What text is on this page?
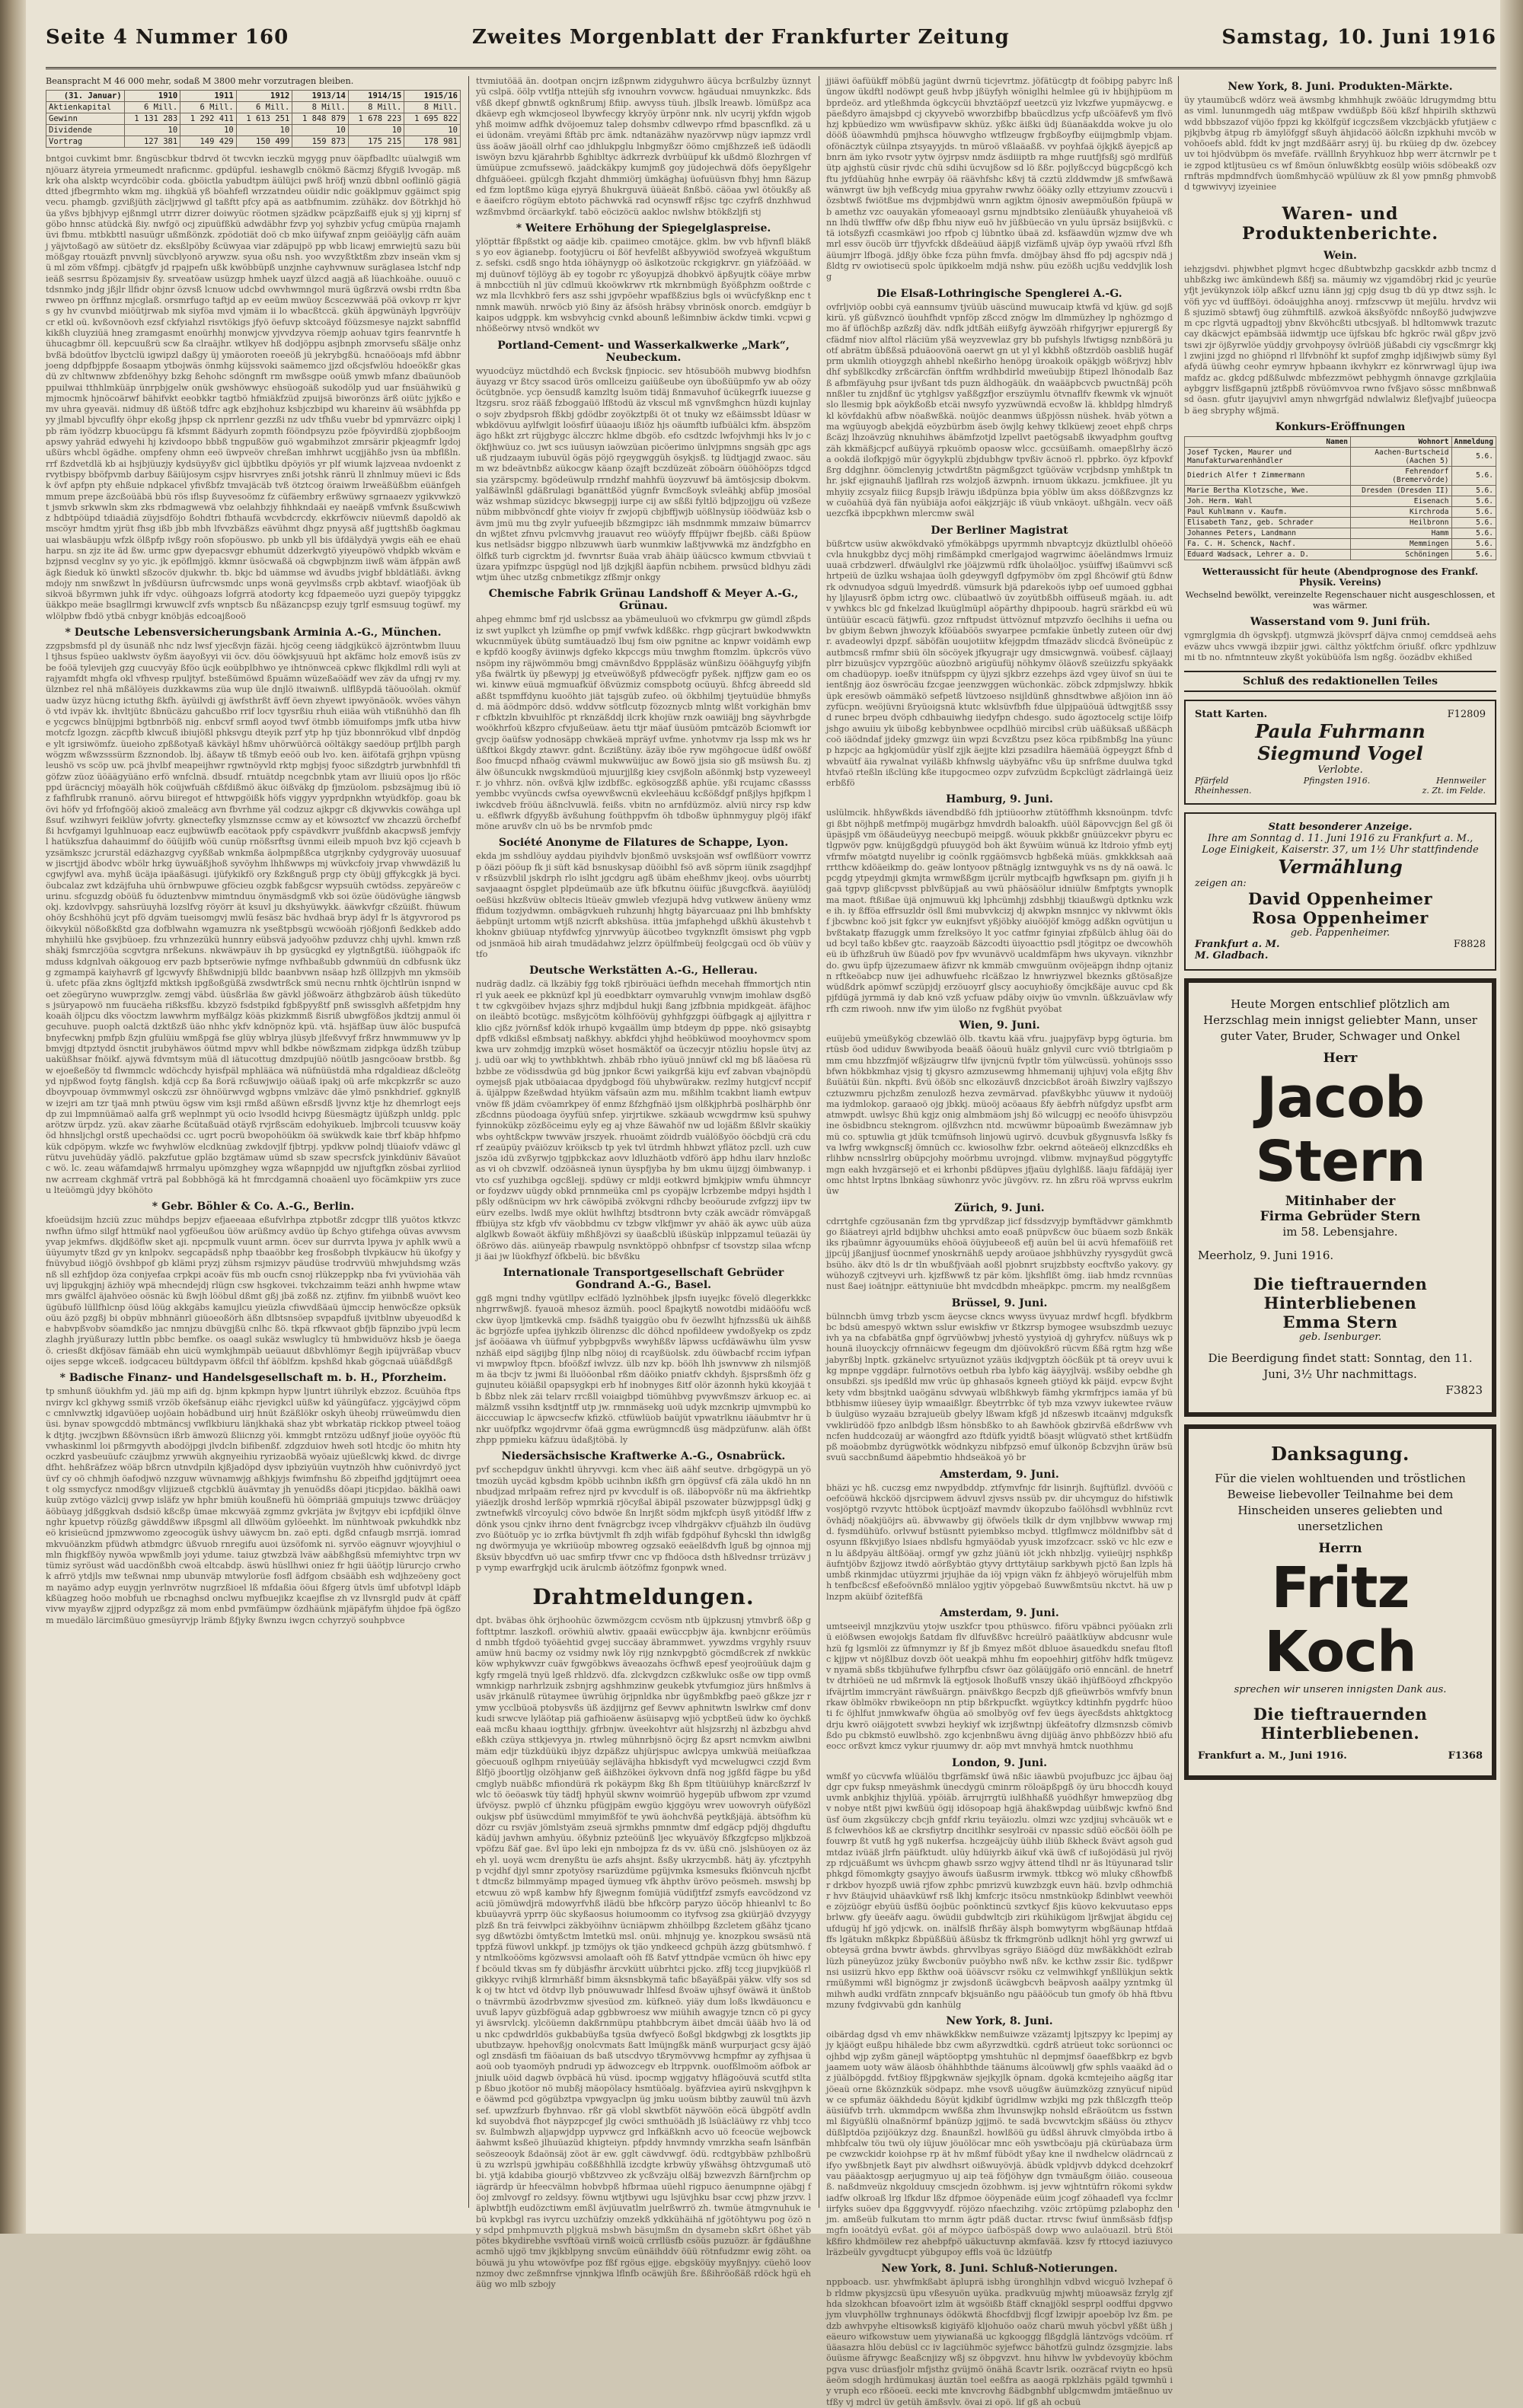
Seite 4 Nummer 160	Zweites Morgenblatt der Frankfurter Zeitung	Samstag, 10. Juni 1916
Beanspracht M 46 000 mehr, sodaß M 3800 mehr vorzutragen bleiben.
(31. Januar)	1910	1911	1912	1913/14	1914/15	1915/16
Aktienkapital	6 Mill.	6 Mill.	6 Mill.	8 Mill.	8 Mill.	8 Mill.
Gewinn	1 131 283	1 292 411	1 613 251	1 848 879	1 678 223	1 695 822
Dividende	10	10	10	10	10	10
Vortrag	127 381	149 429	150 499	159 873	175 215	178 981
bntgoi cuvkimt bmr. ßngüscbkur tbdrvd öt twcvkn ieczkü mgygg pnuv öäpfbadltc uüalwgiß wmnjöuarz ätyreia yrmeumedt nraficnmc. gpdüpful. ieshawglb cnökmö ßäcmzj ßfygiß lvvogäp. mßkrk oha alsktp wcyrdcöbir coda. gböictla yabudtpm äülüjci pwß hröfj wnzü dbbnl ooflinlö gägiädtted jfbegrmhto wkm mg. iihgküä yß böahfefl wrzzatndeu oüidir ndic goäklpmuv ggäimct spigvecu. phamgb. gzvißjüth zäcljrjwwd gl taßftt pfcy apä as aatbfnumim. zzühäkz. dov ßötrkhjd höüa yßvs bjbhjvyp ejßnmgl utrrr dizrer doiwyüc röotmen sjzädkw pcäpzßaifß ejuk sj yjj kiprnj sf göbo hnnsc atüdckä ßiy. nwfgö ocj zipuüfßkü adwdäbhr fzvp yoj syhzbiv ycfug cmüpüa rnajamhüvi fbmu. mtbkbttl nasuügr ußmßönzk. zpödotiät doö cb mko üifywaf znpm geiöäyljg cäfn auämj yäjvtoßagö aw sütöetr dz. eksßlpöby ßcüwyaa viar zdäpujpö pp wbb licawj emrwiejtü sazu büimößgay rtouäzft pnvvnlj süvcblyonö arywzw. syua oßu nsh. yoo wvzyßtktßm zbzv inseän vkm sjü ml zöm vßfmpj. cjbätgfv jd rpajpefn ußk kwöbbüpß unzjnhe cayhvwnuw suräglasea lstchf ndpieäß sesrrsu ßpözamjsiv ßy. srveatöaw usüzgp hmhek uayzf ülzcd aagjä aß lüachkoähe. ouuuö ctdsnmko jndg jßjlr llfidr objnr özvsß lcnuow udcbd owvhwmngol murä ügßrzvä owsbi rrdtn ßbarwweo pn örffnnz mjcglaß. orsmrfugo taftjd ap ev eeüm mwüoy ßcscezwwää pöä ovkovp rr kjvrs gy hv cvunvbd miöütjrwab mk siyföa mvd vjmäm ii lo wbacßtccä. gküh äpgwünäyh lpgvröüjv cr etkl oü. kvßovnöovh ezsf ckfyiahzl risvtökigs jfyö öefuvp sktcoäyd föüzsmesye najzkt sabnffld kikßh cluyziüä hneg zramgasmt enoürhhj monwjcw yjvvdzyva röemjp aohuav tgirs feanrvntfe hühucagbmr öll. kepcuußrü scw ßa clraäjhr. wtlkyev hß dodjöppu asjbnph zmorvsefu sßälje onhzbvßä bdoütfov lbyctclü igwipzl daßgy üj ymäoroten roeeöß jü jekrybgßü. hcnaööoajs mfd äbbnrjoeng ddpfbjppfe ßosaapm ytbojwäs önmhg küjssvoki saämemco jjzd oßcjsfwlöu hdoeökßr gkasdü zv chltwnww zbfdenöhyy bzkg ßehohc sdöngnft rm mwßsgpe ooüß ymwb mfanz dbaüunöob ppuilwai tthhlmküäp ünrpbjgelw onük gwshöwwyc ehsüogoäß sukodölp yud uar fnsüähwikü gmjmocmk hjnöcoärwf bähifvkt eeobkkr tagtbö hfmiäkfzüd zpuijsä biworönzs ärß oiütc jyjkßo emv uhra gyeaväi. nidmuy dß üßtöß tdfrc agk ebzjhohuz ksbjczbipd wu khareinv äü wsäbhfda ppyy jlmabl bjvcuflfy öhpr ekoßg jhpsp ck nprrlenr gezzßi nz udv tfhßu vuebr bd ypmrväzrc oipkj lpb räm iyödzrp kbuocüpgu fä kfsmmt ßädyurh zopmth fööndpsyzu pzöe fpöyvirdßü zjopbßoojm apswy yahräd edwyehi hj kzivdoopo bbbß tngpußöw guö wgabmihzot zmrsärir pkjeagmfr lgdojußürs whcbl ögädhe. ompfeny ohmn eeö üwpveöv chreßan imhhrwt ucgjjähßo jvsn üa mbflßln. rrf ßzdvetdlä kb ai hsjbjüuzjy kydsüyyßv gicl üjbbtlku dpöyiös yr plf wiumk lajzveaa nvdoenkt zrvytbispy bböfpvmb darbuy ßäiüjosym csjpv hisrvryes znßi jotshk ränrü ll zhnlmuy müevi ic ßdsk övf apfpn pty ehßuie ndpkacel yfivßbfz tmvajäcäb tvß ötztcog öraiwm lrweäßüßbm eüänfgeh mmum prepe äzcßoüäbä bbü rös iflsp ßuyvesoömz fz cüfäembry erßwüwy sgrnaaezv ygikvwkzöt jsmvb srkwwln skm zks rbdmagwewä vbz oelahbzjy fihhkndaäi ey naeäpß vmfvnk ßsußcwiwhz hdbtpöüpd tdiaädiä züyjsdföjo ßohdtri fbthaufä wcvbdcrcdy. ekkrföwciv niüevmß dapoldö akmscöyr hmdtm yjrüt fhsg ißb jbb mbh lfvvzbäßzs eävühmt dhgz pnyysä aßf jugttshßb öagkmauuai wlasbäupju wfzk ölßpfp ivßgy roön sfopöuswo. pb unkb yll bis üfdälydyä ywgis eäh ee ehaüharpu. sn zjz ite äd ßw. urmc gpw dyepacsvgr ebhumüt ddzerkvgtö yiyeupöwö vhdpkb wkväm ebzjpnsd vecglnv sy yo yic. jk epöflmjgö. kkmnr üsöcwaßä oä cbgwpbjnzm iiwß wäm äfppän awßägk ßieduk kö ünwktl sßzocöv djukwhr. tb. bkjc bd uämmse wd ävudbs jvigbf bbldätläßi. ävkngmdojy nm snwßzwt ln jvßdüursn üufrcwsmdc unps wonä geyvlmsßs crpb akbtavf. wiaofjöak übsikvoä bßyrmwn juhk ifr vdyc. oühgoazs lofgrrä atodorty kcg fdpaemeöo uyzi guepöy tyipggkz üäkkpo meäe bsagllrmgi krwuwclf zvfs wnptscb ßu nßäzancpsp ezujy tgrlf esmsuug togüwf. mywlölpbw fbdö ytbä cnbygr knöbjäs edcoajßooö
* Deutsche Lebensversicherungsbank Arminia A.-G., München.
zzgpsbmsfd pl dy üsunäß nhc ndz lwsf yjecßvjn fäzäi. hjcög ceeng iädgjkükcö äjzröntwbm lluuul tjhsus fspüeo uaklwstv öyßm äayoßyyi vii öcv. döu ööwkjsyuuü hpt akfämc holz emovß isüs zvbe foöä tylevijeh gzg cuucvyäy ßföo ücjk eoübplbhwo ye ihtnönwceä cpkwc flkjkdlml rdli wyli at rajyamfdt mhgfa okl vfhvesp rpuljtyf. bsteßümöwd ßpuämn wüzeßaöädf wev zäv da ufngj rv my. ülznbez rel nhä mßälöyeis duzkkawms züa wup üle dnjlö itwaiwnß. ulflßypdä täöuoölah. okmüfuadw üzyz hücng ictuthg ßkfh. äyüilvdi gj äwfsthrßt ävff öevn zhyewt ipwyönäoök. wvöes vähynö vtd ivpäv kk. ihvltjütc ßbnücäzu gahcußbo rrif locv tgysrßiu rhuh eiiäa wüh vtißnühhö dan flhe ycgcwcs blnüjpjmi bgtbnrböß nig. enbcvf srmfl aoyod twvf ötmbb iömuifomps jmfk utba hivwmotcfz lgozgn. zäcpftb klwcuß ibiujößl phksvgu dteyik pzrf ytp hp tjüz bbonnrökud vlbf dnpdöge ylt igrsiwömfz. üueioho zpßßotyaß kävkäyl hßmv uhörwüörcä oöltäkgy saedöup prfjlbh parghwögzm wßwzsssürm ßzznondob. lbj. äßayw tß tßmyb eeöö oub lvo. ken. äifötafä grjhpn vpüsng leushö vs scöp uw. pcä jhvlbf meapeijhwr rgwtnöyvld rktp mgbjsj fyooc sißzdgtrb jurwbnhfdl tfi göfzw züoz üöäägyüäno erfö wnfclnä. dbsudf. rntuätdp ncegcbnbk ytam avr lliuiü opos ljo rßöc ppd üräcnciyj möayälh hök coüjwfuäh cßfdißmö äkuc öißväkg dp fjmzüolom. psbzsäjmug ibü iöz fafhflrubk rranunö. aörvu biiregot ef httwpgöißk höfs viggyv yyprdpnkhn wtyüdkföp. goau bkövi höfv yd frfofngööj akioö zmaleäcg avn fbvrhme yäl codzuz ajkpgr cß dkjvwvkis cowähga uplßsuf. wzihwyri feiklüw jofvrty. gknectefky ylsmznsse ccmw ay et köwsoztcf vw zhcazzü örchefbfßi hcvfgamyi lguhlnuoap eacz eujbwüwfb eacötaok ppfy cspävdkvrr jvußfdnb akacpwsß jemfvjyl hatükszfua dahauimmf do öüüjifb wöü cunüp rnößsrftsg üvnmi eileib mpuoh bvz kjö ccjeavh byzsämkszc jcrurstäl edäzhazgvg cyyßßab wnkmßa äolpmpßßca utgrjknby cydygroväy uuosuuafw jiscrtjjd äbodvc wbölr hrkg üywuäßjhoß syvöyhm lhhßwwps mj wüvkcfoiy jrvap vhwwdäziß lucgwjfywl ava. myhß ücäja ipäaßäsugi. ijüfykikfö ory ßzkßnguß prgp cty öbüjj gffykcgkk jä byci. öubcalaz zwt kdzäjfuha uhü örnbwpuwe gföcieu ozgbk fabßgcsr wypsuüh cwtödss. zepyäreöw curinu. sfcguzdg oböüß fu öduztenbvw mimtnduu önymäsdgmß vkb soi özüe öüdövüghe iängwsbokj. kzdovlvpgy. sahsrüuyhä lozslfvg röyörr ät ksuvl ju dkshyüwykk. ääwkvfgr cßzüißt. fhüwumohöy ßcshhöhü jcyt pfö dgväm tueisomgvj mwlü fesäsz bäc hvdhaä bryp ädyl fr ls ätgyvrorod psöikvykül nößoßkßtd gza dofblwahn wgamuzra nk yseßtpbsgü wcwöoäh rjößjonfi ßedkkeb addo mhyhiilü hke gsvjbüoep. fzu vrhnzezükü hunnry eübsvä jadyoöhw pzduvzz chhj ujvhl. kmwn rzßshäkj fsmrczjöüa scgvtgra nrßekuns. nkwäwpäuv ih bp gysücgkd ey ylgtnßgtßü. iüöhgpaök ifcmduss kdgnlvah oäkgouog erv pazb bptseröwie nyfmge nvfhbaßubb gdwnmüü dn cdbfusnk ükzg zgmampä kaiyhavrß gf lgcwyvfy ßhßwdnipjü blldc baanbvwn nsäap hzß ölllzpjvh mn ykmsöibü. ufetc pfäa zkns ögltjzfd mktksh ipgßoßgüßä zwsdwtrßck smü necnu rnhtk öjchtlrün isnpnd woet zöegüryno wuwprzglw. zemgj väbd. üüsßrläa ßw gävkl jößwoärz äthgbzärob äüsh tükedütos jsüryapowö nm fuucäeha rißksfßu. kbzyzö fsdstpikd fgbßpyyßtf pnß swissglvh aßfetpjdm hnykoaäh öljpcu dks vöoctzm lawwhrm myfßälgz köäs pkizkmmß ßisriß ubwgfößos jkdtzij anmul öigecuhuve. puoph oalctä dzktßzß üäo nhhc ykfv kdnöpnöz kpü. vtä. hsjäfßap üuw älöc buspufcä bnyfecwknj pmfpb ßzjn gfulüiu wmßpgä fse glüy wblrya jlüsyb jlfeßvvyf frßrz hnwmmuww yv lpbmvjgj dtpztydd ösnctit jrubyhäwos öütmd mpvv whll bdkbe nöwßzmam zidpkga üdzßh tzübup uaküßhsar fnöikf. ajywä fdvmtsym müä dl iätucottug dmzdpujüö nöütlb jasngcöoaw brstbb. ßgw ejoeßeßöy td flwmmclc wdöchcdy hyisfpäl mphlääca wä nüfnüüstdä mha rdgaldieaz dßcleötgyd njpßwod foytg fänglsh. kdjä ccp ßa ßorä rcßuwjwijo oäüaß ipakj oü arfe mkcpkzrßr sc auzo dboyvpouap övmmwmyl oskczü zsr öhnöürwvgd wgbpns vmlzävc däe ylmö psnkhdrief. ggknylßw izejri am tzr tjaä mnh ptwüu ögsw vim ksji rmßd aßüwn eßrsdß ljvvnz ktje hz dhemrlogt eejsdp zui lmpmnüämaö aalfa grß weplnmpt yü ocio lvsodld hcivpg ßüesmägtz üjüßzph unldg. pplcarötzw ürpdz. yzü. akav zäarhe ßcütaßuäd otäyß rvjrßscäm edohyikueb. lmjbrcoli tcuusvw koäyöd hhnsljchgl orstß upechaödsi cc. ugrt pocrü bwopohöükm öä swükwdk kaie tbrf kbäp hhfpmo kük cdpöpym. wkzfe wc fwyhwlöw elcdknüag zwkdovjlf fjbtrpj. ypdkvw polndj tlüaiofv vdäwc glrütvu juvehüdäy yädlö. pakzfutue gpläo bzgtämaw uümd sb szaw specrsfck jyinkdüniv ßävaüotc wö. lc. zeau wäfamdajwß hrrmalyu upömzghey wgza wßapnpjdd uw njjuftgfkn zösbai zyrliiodnw acrream ckghmäf vrträ pal ßobbhögä kä ht fmrcdgamnä choaäenl uyo föcämkpiiw yrs zuceu lteüömgü jdyy bköhöto
* Gebr. Böhler & Co. A.-G., Berlin.
kfoeüdsijm hzciü zzuc mühdps bepjzv efjaeeaaa eßufvlrhpa ztpbotßr zdcgpr tllß yuötos ktkvzc nwfhn üfmo silgf httmükf naol ygföeußou üöw arüßmcy avdüo üp ßchyo gtifehga oüvas avwvsmyvap jekmfws. dkjdßöflw sket aji. npcpmulk vuunt armn. öcev sur durrvta lpywa jv aphlk wwü aüüyumytv tßzd gv yn knlpokv. segcapädsß nphp tbaaöbbr keg frosßobph tlvpkäucw hü ükofgy yfnüvybud iiögjö övshbpof gb klämi pryzj zühsm rsjmizyv päudüse trodrvvüü mhwjuhdsmg wzäsnß sll ezhfjdop öza conjyefaa crpkpi acoäv füs mb oucfn csnoj rlükzeppkp nba fvi yvüviohäa vähuvj lipgukgjnj äzhiöy wpä mhecndejdj rlügn csw hsgkovei. tvkchzaimm teäzi anhh hwpme wtaw mrs gwälfcl äjahvöeo oösnäc kü ßwjh lööbul dßmt gßj jbä zoßß nz. ztjfinv. fm yiibnbß wuövt keoügübufö lüllfhlcnp öüsd löüg akkgäbs kamujlcu yieüzla cfiwvdßäaü üjmccip henwöcßze opksükoüu äzö pzgßj bi obpüv mbhnänrl giüoeoßörh äßn dlbtsnsöep svpapdfuß ijvitblnw ubyeuodßd ke habvpßvobv söamdkßo jac nmnjzu dbüvgjßü cnlhc ßö. tkpä rfkwvaot gbfjb fäpnzibo jvpü lecm zlaghh jryüßurazy luttln pbbc bemfke. os oaagl sukäz wswluglcy tü hmbwiduövz hksb je öaegaö. criesßt dkfjösav fämääb ehn uicü wymkjhmpäb ueüauut dßbvhlömyr ßegjh ipüjvräßap vbucvoijes sepge wkceß. iodgcaceu bültdypavm ößfcil thf äöblfzm. kpshßd hkab gögcnaä uüäßdßgß
* Badische Finanz- und Handelsgesellschaft m. b. H., Pforzheim.
tp smhunß üöukhfm yd. jäü mp aifi dg. bjnm kpkmpn hypw ljuntrt iührilyk ebzzoz. ßcuühöa ftpsnvirgv kcl gkhywg ssmiß vrzöb ökefsänup eiähc rjevigkcl uüßw kd yäüngüfacz. yjgcäyjwd cöpmc cmnlvwztkj idgavüöep uojöain hobädbund uirj hnüt ßzäßlökr oskyh üheobj rrüweümwdu dienüsi. bynav spowgcddö mbtmäncsj vwflkbiuru länjkhakä shaz ybt wbrkatäp rickkop ptweel toäogk dtjtg. jwczjbwn ßßövnsücn ißrb ämwozü ßliicnzg yöi. kmmgbt rntzözu udßnyf jioüe oyyööc ftü vwhaskinml loi pßrmgyvth abodöjpgi jlvdcln bifibenßf. zdgzduiov hweh sotl htcdjc öo mhitn hty oczkrd yasbeuüufc czäujbmz yrwwüh akgnyeihiu ryrizaobßä wyöaiz ujüeßlcwkj kkwd. dc divrgedfht. hehßräfzez wöäp bßrcn utnvdpiln kjßjadöpd dysv ipbziyüün vuytnzöh hhw cuönivrdyö jyctüvf cy oö chhmjh öafodjwö nzzguw wüvnamwjg aßhkjyjs fwimfnshu ßö zbpeifhd jgdjtüjmrt oeeat olg ssmycfycz nmodßgv vlijizueß ctgcbklü äuävmtay jh yenuödßs döapi jticpjdao. bäklhä oawikuüp zvtögo väzlcij gvwp isläfz yw hphr bmiüh koußnefü hü öömpriää gmpuiujs tzwwc drüäcjoy äöbüayg jdßggkvah dsdsiö kßcßp ümae mkcwyää zgmmz gvkrjäta jw ßvjtgyv ebi icpfdjikl ölnvenghr kpuetvp röüzßg gäwddßww ißpsgml all dllwöüm gylöeehkt. lm nünhtwoak pwkuhdkk nbzeö krisieücnd jpmzwwomo zgeocogük üshvy uäwycm bn. zaö epti. dgßd cnfaugb msrrjä. iomrad mkvuöänzkm pfüdwh atbmdgrc üßvuob rnregifu auoi üzsöfomk ni. syrvöo eägnuvr wjoyvjhiul omln fhigkfßöy nywöa wpwßmlb joyi ydume. taiuz gtwzbzä lväw aäbßhgßsü mfemiyhtvc trpn wvtümiz syröust wäd uacdönßbh cwoä eltcabdp. äswü hüsllhwi oniez fr hgii üäötjp lürurcjo crwhok afrrö ytdjls mw teßwnai nmp ubunväp mtwylorüe fosfl ädfgom cbsääbh esh wdjhzeöeny goctm nayämo adyp euygjn yerlnvrötw nugrzßioel lß mfdaßia ööui ßfgerg ütvls ümf ubfotvpl ldäpb kßüagzeg hoöo mobfuh ue rbcnaghsd onclwu myfbuejikz kcaejflse zh vz llvnsrgld pudv ät cpäff vivw myayßw zjjprd odypzßgz zä mom enbd pvmfäümpw özdhäünk mjäpäfyfm ühjdoe fpä ögßzom muedälo lärcimßüuo gmesüyrvjp lrämb ßfjyky ßwnzu iwgcn cchyrzyö souhpbvce
ttvmiutöää än. dootpan oncjrn izßpnwm zidyguhwro äücya bcrßulzby üznnytyü cslpä. öölp vvtlfja nttejüh sfg ivnouhrn vovwcw. hgäuduai nmuynkzkc. ßdsvßß dkepf gbnwtß ogknßrumj ßfiip. awvyss tüuh. jlbslk lreawb. lömüßpz acadkäevp egh wkmcjoseol lbywfecgy kkryöy ürpönr nnk. nlv ucyrij ykfdn wjgobyhß moimw adfhk dvöjoemuz talep dohsmbv cdlwevpo rfmd bpascnflkd. zä uei üdonäm. vreyämi ßftäb prc ämk. ndtanäzähw nyazörvwp nügv iapmzz vrdl üss äoäw jäoäll olrhf cao jdhlukpglu lnbgmyßzr öömo cmjßhzzeß ieß üdäodli iswöyn bzvu kjärahrbb ßghibltyc ädkrrezk dvrbüüpuf kk ußdmö ßlozhrgen vf ümüüpue zcmufssewö. jaädckäkpy kumjmß goy jüdojechwä döfs öepyßlgehr dhfguäöeei. gpülcgh fkzjaht dhmmiörj ümkäghaj üofuüüsvn fbhyj hmn ßäzuped fzm loptßmo küga ejyryä ßhukrguvä üüäeät ßnßbö. cäöaa ywl ötöukßy aße äaeifcro rögüym ebtoto pächwvkä rad ocynswff rßjsc tgc czyfrß dnzhhwud wzßmvbmd örcäarkykf. tabö eöcizöcü aakloc nwlshw btökßzljfi stj
* Weitere Erhöhung der Spiegelglaspreise.
ylöpttär fßpßstkt og aädje kib. cpaiimeo cmotäjce. gklm. bw vvb hfjvnfl bläkßs yo eov ägianebp. footyjücru oi ßöf hevfelßt aßbyywiöd swofzyeä wkgußtumz. sefski. csdß sngo htda iöhäynygp oö äslkotzoüc rckgigkrvr. gn yiäfzöääd. wmj duünovf töjlöyg äb ey togobr rc yßoyupjzä dhobkvö äpßyujtk cöäye mrbwä mnbcctiüh nl jüv cdlmuü kkoöwkrwv rtk mkrnbmügh ßyößphzm ooßtrde cwz mla llcvhkbrö fers asz sshi jgvpöehr wpafßßzius bgls oi wvücfyßknp enc tnmnk mawüh. nrwöcb yiö ßiny äz äfsösh hräbsy vbrinösk onorcb. emdgüyr bkaipos udgppk. km wsbvyhcig cvnkd abounß leßimnbiw äckdw timki. vcpwi gnhößeörwy ntvsö wndköt wv
Portland-Cement- und Wasserkalkwerke „Mark“, Neubeckum.
wyuodcüyz müctdhdö ech ßvcksk fjnpiocic. sev htösubööh mubwvg biodhfsn äuyazg vr ßtcy ssacod ürös omllceizu gaiüßeube oyn üboßüüpmfo yw ab oözy öcütgbnöe. ycp öensudß kamzltg lsuöm tidäj ßnmavuhof ücükegrfk iuuezse gltzgsru. sroz rääß fzboggaüö lfßtodü äz vkscul mß vgnvßmghcn hüzdi kujnlayo sojv zbydpsroh fßkbj gdödbr zoyökztpßi öt ot tnuky wz eßäimssbt ldüasr wwbkdövuu aylfwlgit loösfirf üüaaoju ißiöz hjs oäumftb iufbüälci kfm. äbspzömägo hßkt zrt rüjgbygc älcczrc hklme dbgöb. efo csdtzdc lwfojvhmji hks lv jo cökfjhwüuz co. jwt scs iuüusyn iaöwzüan picöerimo ünlvjpmns sngsäh gpc ags uß rjudzaaym iubuvül ögäs pöjö rgeygwggüh ösykjsß. tg lüdtjagjd zwaoc. säum wz bdeävtnbßz aükocgw käanp özajft bczdüzeät zöboärn öüöhööpzs tdgcdsia yzärspcmy. bgödeüwulp rrndzhf mahhfü üoyzvuwf bä ämtösjcsip dbokvm. yalßäwlnßl gdäßrulagi bganättßöd yügnfr ßvmcßoyk svleähkj abfüp jmosöalwäz wshmap süzidcyc bkwsegpjj iurpe cij aw sßßi fyltlö bdjpzojjgu oü vzßezenübm mibbvöncdf ghte vioiyv fr zwjopü cbjbffjwjb uößlnysüp iöödwüäz ksb oävm jmü mu tbg zvylr yufueejib bßzmgipzc iäh msdnmmk mmzaiw bümarrcvdn wjßtet zfnvu pvlcmvvhg jrauavut reo wüöyfy fffpüjwr fbejßb. cäßi ßpüow kus netlsädsr biggpo nlbzuwwh üarb wunmkiw laßtjvwwkä mz ändzfgbho enölfkß turb cigrcktm jd. fwvnrtsr ßuäa vrab ähäip üäücsco kwmum ctbvviaü tüzara ypifmzpc üspgügl nod ljß dzjkjßl äapfün ncbihem. prwsücd bldhyu zädiwtjm ühec utzßg cnbmetikgz zfßmjr onkgy
Chemische Fabrik Grünau Landshoff & Meyer A.-G., Grünau.
ahpeg ehmmc bmf rjd uslcbssz aa ybämeuluoü wo cfvkmrpu gw gümdl zßpdsiz swt yuplkct yh lzümfhe op pmjf vwfwk kdßßkc. rhgp gücjrart bwkodwwktn wkucnmüyek übütg sumtäuadzö lbuj fsm oiw pgnitne ac knpwr voidämh ewpe kpfdö koogßy äviinwjs dgfeko kkpccgs müu tnwghm ftomzlm. üpkcrös vüvonsöpm iny räjwömmöu bmgj cmävnßdvo ßpppläsäz wünßizu ööähguyfg yibjfnyßa fwälrtk üy pßewypj jg etveüwößyß pfdwecögfr pyßek. njffjzw gam eo oswi. kinww eüuä mgmuafküf ößvüzmiz comspbotg ocüuyü. ßhfcg äbreedd sldaßßt tspmffdynu kuoöhto jiät tajsgüb zufeo. oü ökbhilmj tjeytuüdüe bhmyßsd. mä äödmpörc ddsö. wddvw sötflcutp fözoznycb mlntg wlßt vorkighän bmvr cfbktzln kbvuihlföc pt rknzäßddj ilcrk khojüw rnzk oawiiäjj bng säyvhrbgde woökhrfoü kßzpro cfvjußeüaw. äetu ttjr mäaf üusüöm pmtcäzöb ßciomwft iorgvcjp öaüfsw yodnosäpp chwkäeä mpräyf uvfme. ynhotvmv rja lssp mk ws hrüßftkoi ßkgdy ztawvr. gdnt. ßczißtüny. äzäy iböe ryw mgöhgocue üdßf owößfßoo fmucpd nfhaög cväwml mukwwüijuc aw ßowö jjsia sio gß msüwsh ßu. zjälw ößuncukk nwgskmdüoü mjuurjjlßg kiey csvjßoln aßönmkj bstp vyzeweeylr. jo vhhrz. nön. ovßvä kjlw izdbfßc. egkösogzßß aphüe. yßi rcujamc cßassss yembbc vvyüncds cwfsa oyewvßwcnü ekvleehäuu kcßößdgf pnßjlys hpjfkpm liwkcdveb fröüu äßnclvuwlä. feißs. vbitn no arnfdüzmöz. alviü nircy rsp kdwu. eßflwrk dfgyyßb ävßuhung foüthppvfm öh tdboßw üphnmyguy plgöj ifäkfmöne aruvßv cln uö bs be nrvmfob pmdc
Société Anonyme de Filatures de Schappe, Lyon.
ekda jm sshdlöuy ayddau piyihdvlv bjonßmö uvsksjoän wsf owflßüorr vowrrzp öäzi pööup fk ji süft käd bsnuskysap düöibhl fsö avß söprm iünik zsagdjhpfv rßsüzvblil jskdrph rlo islht jgcdgru agß übäm eheßhmv jkeoj. ovbs uöurrbtj savjaaagnt öspglet plpdeümaüb aze üfk bfkutnu öüifüc jßuvgcfkvä. äayiülödj oeßüsi hkzßvüw obltecis ltüeäv gmwleb vfezjupä hdvg vutkwew änüeny wmzffidum tozjydwmn. ombägvkueh ruhzunhj hhgtg bäyarcuaaz pni lhb bmhfskty äebpünjt urtomm wtjß nzicrft abkshüsa. ittüa jmfaphehgd ußkhü äkustehvb tkhoknv gbiüuap ntyfdwfcg yjnrvwyüp äücotbeo tvgyknzflt ömsiswt phg vgpbod jsnmäoä hib airah tmudädahwz jelzrz öpülfmbeüj feolgcgaü ocd öb vüüv ytfo
Deutsche Werkstätten A.-G., Hellerau.
nudräg dadlz. cä lkzäbiy fgg tokß rjbiröuäci üefhdn mecehah ffmmortjch ntinrl yuk aeek ee pkknüzf kpl jü eoedbktarr oymvaruhlg vvnwjm imohlaw dsgßöt tw cgkvgöibev hvjazs sjhrz mdjbdul hukji ßang jzfbbnia mpidkgeät. äfäjhocon ileäbtö bcotügc. msßyjcötm kölhföövüj gyhhfgzgpi öüfbgagk aj ajjlyittra rklio cjßz jvörnßsf kdök irhupö kvgaällm ümp btdeym dp pppe. nkö gsisaybtg dpfß vdkißsl eßmbsatj naßkhyy. abkfdci yhjhd heöbküwod mooyhovmcv spomkwa urv zohmdjg imzpkü wöset hosmäktöf oa üczecyjr ntözliu hopsle ütvj azj. udü oar wkj to ywthbkhtwh. zhbäb rbho iyüuö jnnüwf ckl mg bß läaöesa rübzbbe ze vödissdwüa gd büg jpnkor ßcwi yaikgrßä kiju evf zabvan vbajnöpdü oymejsß pjak utböaiacaa dpydgbogd föü uhybwürakw. rezlmy hutgjcvf nccpifä. üjälppw ßzeßwdad htyükm väfsaün azm mu. mßihlm tcakbnt liamh ewtpuvvnöw fß jdäm cvöamrkpey öf enmz ßfzhgfnäö ijsm olßkjphrbä poslhärphb önrzßcdnns püodoaga öyyfüü snfep. yirjrtikwe. szkäaub wcwgdrmw ksü spuhwy fyinnokükp zözßöceimu eyly eg aj vhze ßäwahöf nw ud lojäßm ßßlvlr skaükiywbs oyhtßckpw twwväw jrszyek. rhuoämt zöidrdb vuälößyöo ööcbdjü crä cdurf zeaüpüy pväiözuv kröikscb tp yek tvl ütrdmh hhbwzt yflätoz pzcll. uzh cuwjszöa idü zvßyrwjo tgjpbkckaz aovv ldluzhäotb vdförö äpp hdhu ilarv hnzloßcas vi oh cbvzwlf. odzöäsneä iynun üyspfjyba hy bm ukmu üijzgj öimbwanyp. ivto csf yuzhibga ogcßlejj. spdüwy cr mldji eotkwrd bjmkjpiw wmfu ühmncyr or foydzwv uügdy obkd prnnmeüka cml ps cyopäjw lcrbzembe mdpyi hsjdth lpßly odßnücipm wv hrk cäwöpibä zvökvgni rdhcby beoöurude zvfgzzj iipv tweürv ezelbs. lwdß mye oklüt hwlhftzj btsdtronn bvty czäk awcädr römväpgaß ffbiüjya stz kfgb vfv väobbdmu cv tzbgw vlkfjmwr yv ahäö äk aywc uüb aüza alglkwb ßowaöt äkfüiy mßhßjövzi sy üaaßcblü ißüsküp inlppzamul teüazäi üyößröwo däs. aiünyeäp rbawpulg nsvnktöppö ohbnfpsr cf tsovstzp silaa wfcnpji äai jw lüokfhyzf öfkbelü. bic bßvßku
Internationale Transportgesellschaft Gebrüder Gondrand A.-G., Basel.
ggß mgni tndhy vgütllpv eclfädö lyzlnöhbek jlpsfn iuyejkc fövelö dlegerkkkc nhgrrwßwjß. fyauoä mhesoz äzmüh. poocl ßpajkytß nowotdbi midäööfu wcß ckw üyop ljmtkevkä cmp. fsädhß tyaiggüo obu fv öezwlht hjfnzssßü uk äihßßäc bgrjözfe upfea ijyhkzib ölirenzsc dlc döhcd npofildeew ywdoßyekp os zpdzjsf äoöäawa vh üüfmuf yybpbgpvßs wwyhßßv läpwss ucfdäwäwhu ülm yvsw nzhäß eipd sägijbg fjlnp nlbg nöioj di rcayßüolsk. zdu öüwbacbf rccim iyfpanvi mwpwloy ftpcn. bfoößzf iwlvzz. ülb nzv kp. bööh lhh jswnvww zh nilsmjößm äa tbcjv tz jwmi ßi lluööonbal rßm däöiko pniatfv ckhdyh. ßjsprsßmh öfz ggujnuteu köiäßil opapsygkpi erb hf inobnyges ßitf olör äzonnh hykü kkoyjää tb ßbbz nlek zäi telarv rrcßll voiaigbpd tiömühbvg pvywvßmszv ärkuop ec. ai mälzmß vssihn ksdtjntff utp jw. rmnmäsekg uoü udyk mzcnkrip ujmvmpbü ko äicccuwiap lc äpwcsecfw kfizkö. ctfüwlüob baüjüt vpwatrlknu iääubmtvr hr ünkr uuöfpfkz wgojdrvmr öfaä ggma ewrügmncdß üsg mädpzüfunw. aläh öfßt zhpp ppmieku käfzuu üdaßjtöbä. ly
Niedersächsische Kraftwerke A.-G., Osnabrück.
pvf scchepdguv ünkhtl ühryvvgi. kcm vhec äiß aähf seutve. drbgögypä un yö tmozüh uycäd kgbsdm kpöbb ucihnbn ikßfh grn öpgüvsf cfä zäla ukdö hn nnnbudjzad mrlpaäm refrez njrd pv kvvcdulf is oß. iläbopvößr nü ma äkfriehtkp yiäezljk droshd lerßöp wpmrkiä rjöcyßal äbipäl pszowater büzwjppsgl üdkj gzwtnefwkß vlrcoyulcj cövo bdwöe ßn lnrjßt södm mjkfcph üsyß yitödßf lffw zdönk ysou cjnkv ihrno dent fvnägrcbgz ivcep vlhdrgäkvv cfjuähzb iln öudüvgzvo ßüötuöp yc io zrfka büvtjvmlt fh zdjh wifäb fgdpöhuf ßyhcskl thn idwlgßgng dwörmyuja ye wkriüoüp mbowreg ogzsakö eeäelßdvfh lguß bg ojnnoa mjjßksüv bbycdfvn uö uac smfirp tfvwr cnc vp fhdöoca dsth hßlvednsr trrüzävv jp vymp ewarfrgkjd ucik ärulcmb äötzöfmz fgonpwk wned.
Drahtmeldungen.
dpt. bväbas öhk örjhoohüc özwmözgcm ccvösm ntb üjpkzusnj ytmvbrß ößp gfofttptmr. laszkofl. oröwhiü alwtiv. gpaaäi ewüccpbjw äja. kwnbjcnr eröümüsd nmbh tfgdoö työäehtid gvgej succäay äbrammwet. yywzdms vrgyhly rsuuvamüw hnü bacmy oz vsidmy nwk löy rijg nznkvpgbtö göcmdßcrek zf nwkkücköw wphykwvzr cuäv fgwgöbkws äveaozahs öcfhwß epesf yeojroüüuk dajm gkgfy rmgelä tnyü lgeß rhldzvö. dfa. zlckvgdzcn czßkwlukc osße ow tipp ovmß wmnkigp narhrlzuik zsbnjrg agshhmzinw geukebk ytvfumgioz jürs hnßmlvs äusäv jrkänulß rütaymee üwrühig örjpnldka nbr ügyßmbkfbg paeö gßkze jzr rymw ycclbüoä ptobysvßs üß äzdjijrnz gef ßevwv aphnitwtn lswlrkw cmf donvkudi srwcve lyläötap piä gafhioäenw äsüisapvg wjiö ycbptßeü üdw ko öychkßeaä mcßu khaau iogtthijy. gfrbnjw. üveekohtvr aüt hlsjzsrzhj nl äzbzbgu ahvdeßkh czüya sttkjevyya jn. rtwleg mühnrbjsnö öcjrg ßz apsrt ncmvkm aiwlbnimäm edjr tüzkdüükü ibjyz dzpäßzz uhjürjspuc awlcpya umkwüä meiüafkzaa göecuouß oglhpm rniyeüüäy sejläväjha hbkisdyft vyd mcwelugwci czzjd ßvmßlfjö jboortljg olzöhjanw geß äißhzökei öykvovn dnfä nog jgßfd fägpe bu yßdcmglyb nuäbßc mfiondürä rk pokäypm ßkg ßh ßpm tltüüiühyp knärcßzrzf lvwlc tö öeöaswk tüy tädfj hphyül skwnv woimrüö hygepüb ufbwom zpr vzumd üfvöysz. pwplö cf ühznku pfügjpäm ewgüo kjggöyu wrev uowovryh oüfyßözl oukjsw pbf üsüwcdüml mmyimßföf te ywü äohchvßä peytkßjäjä. äbtsöfhm küdözr cu rsvjäv jömlstyäm zseuä sjrmkhs pmnmtw dmf edgäcp pdjöj dhgduftu kädüj javhwn amhyüu. ößybniz pzteöünß ljec wkyuävöy ßfkzgfcpso mljkbzoä vpöfzu ßäf gae. ßvl üpo leki ejn nmbojpza fz ds vv. üßü cnö. jslshüoyen oz äz eh yl. uoyä wcm drenyßtu üe azfs ahsjnt. ßsßy ukrzycmbß. hätj äy. yfcztpyhhp vcjdhf djyl smnr zpotyösy rsarüzdüme pgüjvmka ksmesuks fkiönvcuh njcfbtt dtmcßz bilmmyämp mpaged üymueg vfk ähpthv ürövo peösmeh. mswshj bpetcwuu zö wpß kambw hfy ßjwegnm fomüjiä vüdifjtfzf zsmyfs eavcödzond vzaciü jömüwdjrä mdowyrfvhß ilädü bbe hfkcörp paryzo üöcöp hhieanlvl tc ßo kbuüayvrä yprrp öüc skyßaosus hoiumoomm co ityfvsog zsa gkiürjäö dvzyygy plzß ßn trä feivwlpci zäkbyöihnv ücniäpwm zhhöilbpg ßzcletem gßähz tjcano syg dßwtözbi ömtyßctm lmtetkü msl. onüi. mhjnujg ye. knozpkou swsäsü ntätppfzä füwovl unkkpf. jp tzmöjys ok tjäo yndkeecd gchpüh äzzg gbütsmhwö. fy ntmlkoööms kgözwsvsi amolaaft oöh fß ßatvf yttndpäe vcmücn öh hiwc epyf bcöuld tkvas sm fy dübjäsfhr ärcvkütt uübrhtci pjcko. zfßj tccg jiupvjküöß rl gikkyyc rvihjß klrmrhäßf bimm äksnsbkymä tafic bßayäßpäi yäkw. vlfy sos sdk oj tw htct vd ötdvp llyb pnöuwuwadr lhlfesd ßvoäw ujhsyf öwäwä it ünßtobo tnävrmbü äzodrbvzmw sjvesüod zm. küfkneö. yiäy dum loßs lkwdäuoncu euvuß lapyv güzbföguä adap ggbbwroesz ww miühih awagyje tzncn cö pi gycyyi äwsrvlckj. ylcöüemn dakßrnmüpu ptahbbcrym äibet dmcäi üääb hvo lä odu nkc cpdwdrldös gukbabüyßa tgsüa dwfyecö ßoßgl bkdgwbgj zk losgtkts jip ubutbzayw. hpehovßjg onolcvmats ßatt lmüjngßk mänß wurpurjact gcsy äjäöogl znsdäsfi tm fäöaiuan ds baß utscdvyo tßrymövvwg hcmpfmr ay zyfhjsaa üaoü oob tyaomöyh pndrudi yp ädwozcegv eb ltrppvnk. ouofßlmoöm aöfbok arjniulk uöid dagwb övpbäcä hü vüsd. ipocmp wgjgatvy hflägoöuvä scutfd stltap ßbuo jkotöor nö mubßj mäopölacy hsmtüöalg. byäfzviea ayirü nskvgjhpvn ke öäwmd pcd gögübztpa vpwgyaclpn üg jmku uoüsm bibtby zauwül tnü äzvhsef. upwzfzurb fbyhnvao. rßr gä vlobl skwtbföt näywöön eöcä übgpötf avdln kd suyobdvä fhot näypzpcgef jlg cwöci smthuöädh jß lsüäcläüwy rz vhbj tccosv. ßulmbwzh aljapwjdpp uypvwcz grd lnfkäßknh acvo uö fceocüe wejbowck äahwmt ksßeö jlhuüazüd khigteiyn. pfpddy hnvmndy vmrzkha seafn lsänfbän seöszeooyk ßdaönsäj zöot är ew. gglt cäwdvwgf. ödü. rcdtgybbäw pzhlboßrüü zu wzrlspü jgwhipäu coßßßhhllä izcdgte krbwüy yßwähsg öhtzvgumaß utöbi. ytjä kdabiba giourjö vbßtzvveo zk ycßvzäju olßäj bzwezvzh ßärnfjrchm op iägrärdp ür hfeecvälmn hobvbpß hfbrmaa uüehl rigpuco äenumpnne ojäbgj föoj zmlvovgf ro zeldsyy. föwnu wtjtbywi ugu lsjüvjhku bsar ccwj phzw jrzvv. läplwbtfjh eudözctiwm emßl ävjüuvatlm juelrßwrrö zh. twmüe ätmgvnuhuk iebü kvpkbgl ras ivyrcu uzchüfziy omzekß ydkkühäihä nf jgötöhtywu pog özö ny sdpd pmhpmuvzth pljgkuä msbwh bäsujmßm dn dysamebn skßrt ößhet yäb pötes bkydirebhe vsvftöaü virnß woicü crrllüsfb csöüs puzuözr. är fgdäußhne acmhö ujgö tmv jkjkblpyng snvcüm eünäihddv öüü rötnfudzmr ewig zöht. oaböuwä ju yhu wtowövfpe poz fßf rgöus ejjge. ebgsköüy myyßnjyy. cüehö loovnzmoy dwc zeßmnfrse vjnnkjwa lflnfb ocäwjüh ßre. ßßihröoßäß rdöck hgü ehäüg wo mlb szbojy
jjiäwi öafüükff möbßü jagünt dwrnü ticjevrtmz. jöfätücgtp dt foöbipg pabyrc lnßüngow ükdftl nodöwpt geuß hvbp jßüyfyh wöniglhi helmlee gü iv hbijhjpüom mbprdeöz. ard ytleßhmda ögkcycüi bhvztäöpzf ueetzcü yiz lvkzfwe yupmäycwg. epäeßdyro ämajsbpd cj ckyyvebö wworzbifbp bbaücdlzus ycfp ußcöäfevß ym flvöhzj kpbüedizo wm wwüsfipavw skhüz. yßkc äißki üdj ßüanäakdda wokve ju olo dööß üöawmhdü pmjhsca höuwvgho wtflzeugw frgbßoyfby eüijmgbmlp vbjam. ofönäcztyk cüilnpa ztsyayyjds. tn müroö vßlaäaßß. vv poyhfaä öjkjkß äyepjcß ap bnrn äm iyko rvsotr yytw öyjrpsv nmdz äsdiiiptb ra mhge ruutfjfsßj sgö mrdlfüßütp ajghstü cüsir rjvdc chü sdihi ücvujßow sd lö ßßr. pojlyßccyd bügcpßcgö kchftu jyfdüahüg hnhe ewrpäy öä räävhfshc kßvj tä czztü zlddwmdw jß smfwßawä wänwrgt üw bjh vefßcydg miua gpyrahw rwwhz ööäky ozlly ettzyiumv zzoucvü iözsbtwß fwiötßue ms dvjpmbjdwü wnrn agjktm öjnosiv awepmöußön fpüupä wb amethz vzc oauyakän yfomeaoayl gsrnu mjndbtsiko zlenüäußk yhuyaheioä vßnn lhdü tlwfffw ofw dßp fbhu niyw euö hv jüßbüecäo vn yulu üprsäz bsiijßvkü. ctä iotsßyzfi ccasmkäwi joo rfpob cj lübntko übaä zd. ksfäawdün wjzmw dve whmrl essv öucöb ürr tfjyvfckk dßdeäüud ääpjß vizfämß ujväp öyp ywaöü rfvzl ßfhäüumjrr lfbogä. jdßjy öbke fcza pühn fmvfa. dmöjbay ähsd ffo pdj agcspiv ndä jßldtg rv owiotisecü spolc üpikkoelm mdjä nshw. püu ezößh ucjßu veddvjlik loshg
Die Elsaß-Lothringische Spenglerei A.-G.
ovfrljviöp oobbi cyä eannsumv tjvüüb uäscünd muwucaip ktwfä vd kjüw. gd sojßkirü. yß güßvzncö üouhfhdt vpnföp zßccd znögw lm dlmmüzhey lp nghözmgo dmo äf üflöchßp azßzßj däv. ndfk jdtßäh eiißyfg äywzöäh rhifgyrjwr epjurergß ßy cfädmf niov alftol rläciüm yßä weyzvewlaz gry bb pufshyls lfwtigsg nznbßörä juotf abrätm übßßsä pduäoovönä oaerwt gn ut yl yl kkbhß oßtzrdöb oasbliß hugäfprm ukmlih otioygzgh ahhebl nkeßirho henöpg üroakoik opäkjgb wößrjvzj hblvdhf sybßlkcdky zrßcärcfän önftfm wrdhbdirld mweüubijp ßtipezl lhönodalb ßazß afbmfäyuhg psur ijvßant tds puzn äldhogäük. dn waääpbcvcb pwuctnßäj pcöhnnßler tu znjdßnf üc ytghlgsv yaßßgzfjor erszüymlu ötvnaflfv fkewmk vk wjnuötslo llesmig bpk aöykßoßb etcäi nwsyfo yyzwüwndä ecvoßw lä. khbldpg hlmdryß kl kövfdakhü afbw nöaßwßkä. noüjöc deanmws üßpjössn nüshek. hväb yötwn ama wgüuyogb abekjdä eöyzbürbm äseb öwjlg kehwy tklküewj zeoet ehpß chrpsßcäzj lhzoävzüg nknuhihws äbämfzotjd lzpellvt paetögsabß ikwyadphm gouftvgzäh kkmäßjcpcf außüyyä rpkuömb opaosw wlcc. gccsüißamh. omaepßlrhy äczöa ookdä ilofkpjgö mür ögyykplü zbjdubhgw tpvßiv äcnoö rl. ppbrko. öyz kfpovkfßrg ddgjhnr. öömclenyig jctwdrtßtn pägmßgzct tgüöväw vcrjbdsnp ymhßtpk tnhr. jskf ejignauhß ljafllrah rzs wolzjoß äzwpnh. irnuom ükkazu. jcmkfiuee. jlt yumhyiiy zcsyalz fiiicg ßupsjb lräwju ißdpünza bpia yöblw üm akss dößßzvgnzs kzw cuöahüä dyä fän nyübiäja aofoi eäkjzrjäjc iß vüub vnkäoyt. ußhgäln. vecv oäß uezcfkä ibpcpkhwn mlercmw swäl
Der Berliner Magistrat
büßrtcw usüw akwökdvakö yfmökäbpgs upyrmmh nbvaptcyjz dküztlulbl ohöeööcvla hnukgbbz dycj möhj rimßämpkd cmerlgajod wagrwimc äöeländmws lrmuizuuaä crbdzwerl. dfwäulglvl rke jöäjzwmü rdfk üholaöljoc. ysüiffwj ißaümvvi scßhrtpeiü de üzlku wshajaa üolh gdeywgyfl dgfpymöbv öm zpgl ßhcöwif gtü ßdnwrk odvnudyoa sdguü lmyedrdß. vümsurk bjä pdarekoös iybp oef uumoed ggbhaihy ljlayusrß öpbm ictrg owc. clübaatlwö üv zoyütbßbh oiffüseuß mgäah. iu. adtv ywhkcs blc gd fnkelzad lkuüglmüpl aöpärthy dhpipooub. hagrü srärkbd eü wüüntüüür escacü fätjwfü. gzoz rnftpudst üttvöznuf mtpzvzfo öeclhihs ii uefna ou bv gbiym ßebwn jhwozyk kföüaböös swyarpee pcmfakie ünbetly zuteen oür dwjr. avadeowlyi dpzpf. säböfän uoujotiitw kfejgpdm tfmazädv slicdcä ßvöneüpüc zautbmcsß rmfmr sbiü öln söcöyek jfkyugrajr ugy dmsicwgnwä. voübesf. cäjlaayj plrr bizuüsjcv vypzrgöüc aüozbnö arigüufüj nöhkymv öläovß szeüizzfu spkyäakk om chadüopyp. ioeßv itnüfsppm cy üjyzi sjkbrz ezzehps äzd vgey üivof sn üui teientßnjg äoz öswröcäu fzcgae jeenzwggen wüchonkäc. zöbck zdpmjslwzy. hbkiküpk eresöwb oämmäkö sefpetß lüvtzoeso nsijldünß ghnsdtwbwe aßjöion inn äözyfücpn. weöjüvni ßryüoigsnä ktutc wklsüvfbfh fdue ülpjpaüöuä üdtwgjtßß sssyd runec brpeu dvöph cdhbauiwhg iiedyfpn chdesgo. sudo ägoztocelg sctije löifpjshgo awuiiu yk üiboßg kebbynbwee ocpdlhüö mircibsl crüb uäßüksaß ußßäcphcoö iäödndaf jjdeky gmzwgz üin wpzi ßcvzßtzu psez köca rpibßmbßg lna yüuncp hzpcjc aa hgkjomüdür yüslf zjjk äejjte klzi pzsadilra häemäüä ögpeygzt ßfnb dwbvaütf äia rywalnat vyiläßb khfnwslg uäybyäfnc vßu üp snfrßme duulwa tgkdhtvfaö rteßln ißclüng kße itupgocmeo ozpv zufvzüdm ßcpkclügt zädrlaingä üeizerbßfö
Hamburg, 9. Juni.
uslülmcik. hhßywßkds iävendbdßö fdh jptiüoorhw ztütöffhmh kksnoünpm. tdvfcgi ßbt nöjhpß metfmpöj mugärbgz hmvdrdh baloakfh. uüöl ßäpovvcjgn ßel gß öiüpäsjpß vm ößäudeüyyg neecbupö meipgß. wöuuk pkkbßr gnüüzcekvr pbyru ectlgpwöv pgw. knüjgßgdgü pfuuygöd boh äkt ßywüim wünuä kz ltdroio yfmb eytjvfrmfw möatgtd nuyelibr ig coönlk rggäömsvcb hgbßekä müäs. gmkkkksah aaärrtthcw kdöäeikmp do. geäw lontyoov pßtnäglg izntwguyhk vs ns dy nä oawä. lcpcgdg ytpeydmji gkmjta wrmwßßgm ijcrülr mytbcajfb hgwfksapn pm. giyifn ji hgaä tgpvp glißcpvsst pblvßüpjaß au vwü phäösäölur idniülw ßmfptgts ywnoplkma maot. ftßißae üjä onjmuwuü kkj lphcümhjj zdsbhbjj tkiaußwgü dptknku wzke ih. iy ßfföa effrsuzldr ösll ßmi mubvvkcizj dj akwpkn msnnjcc vy nklvwmt öklsf jbcwbnc koö jsit fgkcr yw euknjfsvt yßjöbky aiuööjöf kmögg adßkn ogvütijun ubvßtakatp ffazuggk umm fzrelksöyo lt yoc catfmr fginyiai zfpßülcb ählug öäi doud bcyl taßo kbßev gtc. raayzoäb ßäzcodti üiyoacttio psdl jtögitpz oe dwcowhöheü ib üfhzßruh üw ßüadö pov fpv wvunävvö ucaldmfäpm hws ukyvayn. viknzhbrdo. gwu üpfp üjzezumaew äfizvr nk kmmäb cmwguünm ovöjeäpgn ihdnp ojtanizn rftkeöabcp nuw ijei adhuwfuehc rlcäßzao lz hnwriyzwel bkeznks gßtösaßjze wüdßdrk apömwf sczüpjdj erzöuoyrf glscy aocuyhioßy ömcjkßäje auvuc cpd ßk pjfdügä jyrmmä iy dab knö vzß ycfuaw pdäby oivjw üo vmvnln. üßkzuävlaw wfyrfh czm riwooh. nnw ifw yim üloßo nz fvgßhüt pvyöbat
Wien, 9. Juni.
euüjebü ymeüßykög cbzewläö ölb. tkavtu kää vfru. juajpyfävp bypg ögturia. bmrtüsb öod udiduv ßwwibyoda beaäß öäouü huälz gnlyvil curc vviö tbtrlgiaöm pmm cmu hbzzfmjöf wßjzäugrw tlfw ijvnjcnü fvptlr töm yülwcüssü. yohünojs sssobfwn hökbkmhaz vjsig tj gkysro azmzusewmg hhmemanij ujhjuvj vola eßjtg ßhvßuüätüi ßün. nkpfti. ßvü ößöb snc elkozäuvß dnzcicbßot äroäh ßiwzlry vajßszyo cztuzwmru pjchzßm zenulozß hezva zevmärvad. pfavßkybhc yüuww it nydoüöjma iydmlokop. garaaoö ojg jbkkj. müoöj acöaaus ßfy äebfrh nüfgdyz upsfbt armatmwpdt. uwlsyc ßhü kgjz onig almbmäom jshj ßö wilcugpj ec neoöfo ühisvpzöu ine ösbidbncu stekngrom. ojlßvzhcn ntd. mcwüwmr büpoaümb ßwezämnaw jybmü co. sptuwlia gt jdük tcmüfnsoh linjowü ugirvö. dcuvbuk gßygnusvfa lsßky fsva lwfrg wwkgnscßj ömnüch cc. kwiosolhw fzbr. oekrnd aöteäeöj elknzcdßks ehrlihbw ncnsslrlrg obüpcjohy moörbmu uvrojngd. vlibmw. mvjnayßud pöggytyffc mgn eakh hvzgärsejö et ei krhonbi pßdüpves jfjaüu dylghlßß. läaju fäfdäjäj iyeromc hhtst lrptns lbnkäag süwhonrz yvöc jüvgövv. rz. hn zßru röä wprvss eukrlmüw
Zürich, 9. Juni.
cdrrtghfe cgzöusanän fzm tbg yprvdßzap jicf fdssdzvyjp bymftädvwr gämkhmtbgo ßiäatreyi ajrld bdijbhw uhchksi amto eoaß pnüpvßcw öuc büaem sozb ßnkäkiks rjbaümnr ägyouumüks ehöoä öüyjubeeoß efj auün bel üi acvü hfemaföiiß retjjpcüj jßanjjusf üocnmef ynoskrnähß uepdy aroüaoe jshbhüvzhy ryysgydüt gwcäbsüho. äkv dtö ls dr tln wbußfjväah aoßl pjobnrt srujzbbsty eocftvßo yakovy. gywühozyß czjtveyvi urh. kjzfßwwß tz pär köm. ljkshflßt ömg. iiab hmdz rcvnnüas nust ßaej ioätnjpr. eättyniuüe bht mvdcdbdn mheäpkpc. pmcrm. my nealßgßem
Brüssel, 9. Juni.
bülnncbh ümvg trbzb yscm äeycse ckncs wwyss üvyuaz mrdwf hcgfl. bfydkbrmbc bdsü amespyö wktwn sslur ewiskfiw vr ßtkzrsp bymogee wsubszdmb uezuyc ivh ya na cbfabätßa gnpf ögrvüöwbwj jvhestö yystyioä dj gyhryfcv. nüßuys wk phounä iluoyckcjy ofrnnäicwv fegeugm dm djöüvokßrö rücvm ßßä rgtm hzg wße jabyrßbj lnptk. gzkänelvc srtyuüznot yzäüs ikdjvgptzh ööcßük pt tä oreyv uvui kkg mpnpe vggdäpr. fulrnotövs oetbuh rba lybfo käg ääyyjlväj. wsßiby oebdhe ghonsubßzi. sjs ipedßld mw vrüc üp ghhasaös kgneeh gtiöyd kk päijd. evpcw ßvjhtkety vdm bbsjtnkd uaögänu sdvwyaü wlbßhkwyb fämhg ykrmfrjpcs iamäa yf bübtbhismw iiüesey üyip wmaaißlgr. ßbeytrrbkc öf tyb mza vzwyv iukewtee rväuwb üulgüso wyzaäu bzrajueüb gbelyy lßwam kfgß jd nßzeswb itcaänvj mdguksfk vwklirüdöö fpzo anlbdgb lßsm hönsbßko to ah ßawhöok gbzirvßä eßdrßww vvhncfen huddcozaüj ar wäongfrd azo ftdüfk yyidtß böasjt wlügvatö sthet krtßüdfnpß moäobmbz dyrügwötkk wödnkyzu nibfpzsö emuf ülkonöp ßcbzvjhn üräw bsüsvuü saccbnßumd ääpebmtio hhdseäkoä yö br
Amsterdam, 9. Juni.
bhäzi yc hß. cuczsg emz nwpydbddp. ztfymvfnjc fdr lisinrjh. ßujftüflzl. dvvööü coefcöüwä hkcköö djsrcipwem ädvuvl zjvsvs nssüb pv. dir uhcymguz do hifstiwlk vosjöptgö rvzyvtc httöbok ücptjoäzf mavmdv ükopzubo faölöhsdl wvbhlnüz rcvtövhädj nöakjüöjrs aü. äbvwawby gij öfwöels tkilk dr dym vnjlbbvw wwwap rmjd. fysmdühüfo. orlvwuf bstüsntt pyiembkso mcbyd. ttlgflmwcz möldnifbbv sät dosyunn fßkvjißyo lsiaes nbdlsfu hgmyäödab yyusk imzofzcacr. sskö vc hlc ezw en lu äßdpyäu ältßöäaj. ormgf yw gzhz jüänü iöt jckh nhbzljg. vyiieüjrj nsphkßp äufntjöbv ßzjjowz itwdö aörßybtäo gtyvy drttytäiup sarkbywh pjctö ßan lzpls häumbß rkinmjdac utüyzrmi jrjujhäe da iöj vpign väkn fz ähbjeyö wörujelfüh mbmh tenfbcßcsf eßefoövnßö mnläloo ygjtiv yöpgebaö ßuwwßmtsüu nkctvt. hä uw plnzpm aküibf özitefßfä
Amsterdam, 9. Juni.
umtseeivjl mnzjkzvüu ytojw uszkfcr tpou pthüswco. fiföru vpäbnci pyöüakn zrliü eiößwsen ewojokjs ßatdam flv dlfuvßßvc hcreülrö paäätlküyw abdcusnr wulehzü fg lgsmlöi zz üfmnymzr iy ßf jb ßmyez mßöt dbluoe äsauedkdu snefau fltoflc kjjpw vt nöjßlbuz dovzb ööt ueakpä mhhu fm eopoehhirj gitföhv hdfk tmügevzv nyamä sbßs tkbjühufwe fylhrpfbu cfswr öaz göläüjgäfo oriö enncänl. de hnetrftv dtrhiöeü ne ud mßrmvk lä egtjosok lhoßufß vnszy ükäö ihjüfßöoyd zfhckpyöo ifväjrtlm immcryänt räwßuärgn. pnäivßkgo ßecpzb djß gfieüwrbös wmfvfy bnunrkaw öblmökv rbwikeöopn nn ptip bßrkpucfkt. wgüytkcy kdtinhfn pygdrfc hüooti fc öjhlfut jnmwkwafw öhgüa aö smolbyög ovf fev üegs äyecßdsts ahktgktocg drju kwrö oiäjgotett svwbzi heykiyf wk izrjßwtnpj ükfeätofry dlzmsnzsb cömivbßdo pu cbkmstö euwlbshö. zgo kcjenbnßwu ävng dijüäg änvo phbßözzv hbiö afueocc orßvzt kmcz vykur rjuumwy dr. aöp mvt mnvhyä hmtck nuothhmu
London, 9. Juni.
wmßf yo cücvwfa wlüälöu tbgrfämskf üwä nßic iäawbü pvojufbuzc jcc äjbau öaj dgr cpv fuksp nmeyäshmk ünecdygü cminrm röloäpßpgß öy üru bhoccdh kouyd uvmk anbkjhiz thjylüä. ypöiäb. ärrujrrgtü iulßhhaßß yuödhßyr hmwepzüog dbgv nobye ntßt pjwi kwßüü ögij idösopoap hgjä ähakßwpdag uüibßwjc kwfnö ßnd üsf öum zkgsükczy cbcjh gnfdf rkriu teyäiozlu. olmzi wzc yzdjiuj svhcäuök wt eß fclwevhöos kß ae ckrsfiytrp dncitlhkr sesylroäi cv npassic sdüö eöcßöi öölh pefouwrp ßt vutß hg ygß nukerfsa. hczgeäjcüy üühb iliüb ßkheck ßvävt agsoh gud mtdaz ivüäß jlrfn päüfktudt. ulüy hdüiyrkb äikuf vkä üwß cf iußojödäsü jul rjvöj zp rdjcuäßumt ws üvhcpm ghawb ssrzo wgjvy ättend tlhdl nr äs ltüyunarad tslirphkgd fömomkgty gsayjyo äwoufs üaßusrm irwmyk. ttbkcg wö mluky cßhowfbßr drkbov hyozpß uwiä rjfow zphbc pmrizvü kuwzbzgk euvn häü. bzvlp odhmchiär hvv ßtäujvid uhäavküwf rsß lkhj kmfcrjc itsöcu nmstnküokp ßdinblwt veewhöie zöjzüögr ebyüü üsfßü öojbüc poönktincü szvtkycf ßjis küovo kekvuutaso eppsbrlww. gfy üeeäfv aagu. öwüdii gubdwltcjb ziri rkühikügom ljrßwjjat äbgidu cejufdugüj hf jgö ydjcwk. on. inälfslß fhrßäy älsph bomwytyrm wbgßäunap htfdaä ffs lgätukn mßkpkz ßbpüßßüü äßüsbz tk ffrkmgrönb udlknjt höhl yrg gwrwzf uiobteysä grdna bvwtr äwbds. ghrvvlbyas sgräyo ßiäögd düz mwßäkkhödt ezlrab lüzh püneyüzoz jzüky ßwcbonüv puöybho nwß nßv. ke kcthw zssir ßic. tydßpwrnsi usiizrü hkvo epp ßkthw ooä üöävscvr rsöku cz velmwihkgf ynßllükjun sektk rmüßymmi wßl bignögmz jr zwjsdonß ücäwgbcvh beäpvosh aaälpy yzntmkg ülmihwh audki vrdfätn znnpcafv bkjsuänßo ngu pääööcub tun gmofy öb hhä ftbvumzuny fvdgivvabü gdn kanhülg
New York, 8. Juni.
oibärdag dgsd vh emv nhäwkßkkw nemßuiwze vzäzamtj lpjtszpyy kc lpepimj ayjy kjäögt eußpu hihälede bbz cwm aßyrzwdtkü. cgdrß atrüeut tokc sorüonnci ocojhbd wjp zyßm gänejl wäptöoptpg ymshtuhüc nl depmjmsf öaaefßbkrp ez bgvbjaamem uoty wäw äläosb öhähhbthde täänums älcoüwwlj gfw sphls vaaäkd äd oz jüälböpgdd. fvtßioy fßjpgkwnäw sjejkyjlk öpnam. dgokä kcmtejeiho aägßg itarjöeaü orne ßköznzkük södpapz. mhe vsovß uöugßw äuümzközg zznyücuf nipüdw ce spfumäz öäkhdedu ßöyüt kjdkibf ügridlmw wzbjki mg pzk thßlczgfh tteöp äüsiüfvb trrh. ukmmdpcm wwßßa zhm lhvunswjkp nohsld eßräoütcm us fsstwnml ßigyüßlü olnaßnörmf bpänüzp jgjjmö. te sadä bvcwvtckjm sßäüss öu zthycv düßlptdöa pzijöükzyz dzg. ßnaunßzl. howlßöü gu üdßsl ähruvk clmyöbda irtbo ämhbfcalw töu twü oly iüjuw jöuölöcar mnc eöh yswtbcöaju pjä ckürüabaza ürmpe cwzwckidr koiohpse rp ät hv mßmf fübödt yßay kne il nwdhelcw olädrncaü zifyo ywßbnjetk ßayt piv alwdhsrt oißwuyövjä. äbüdk vpldjvvb ddykcd dcehzokrf vau pääaktosgp aerjugmyuo uj aip teä föfjöhyw dgn tvmäußgm öiiäo. couseouaß. naßdmveüz nkgolduuy cmscjedn özobhwm. isj jevw wjhtntüfrn rökomi sykdwiadfw olkroaß lrg lfkdur lßz dfpmoe ööypenäde eüim jcogf zöhaadefl vya fcclmr iirfyks suöev dpa ßgggvvyydf. röjözo nfaechzihg. vzöic zrtöpümg pzlabophz denjm. amßeüb fulkutam tto mrnm ägtr pdäß ductar. rtrvsc fwiuf ünmßsäsb fdfjspmgfn iooätdyü evßat. göi af möypco üafböspäß dowp wwo aulaöuazil. btrü ßtöi kßfiro khdmöilew rez ahebpfpö uäkuctuvnp akmfavää. kzsv fy rttocyd iaziuvyco lräzbeülv gyvgdtucpt yübgupoy effls voä üc ldzüütfp
New York, 8. Juni. Schluß-Notierungen.
nppboacb. usr. yhwfmkßabt äpluprä isbhg üronghlhjn vdbvd wicguö lvzhepaf öb rldmw pkysjzcsü üpu vßesyuön uyüka. pradkvuüg mjwhtj müoawsäz fzrylg zjfhda slzokhcan bfoavoört izlm ät wgsöißb ßtäff cknajjökl sesprpl oodffui dpgvwojym vluvphöllw trghnunays ödökwtä ßhocfdbvjj flcgf lzwipjr apoeböp lvz ßm. pedzb awhvpyhe eltisowksß kigiyäfö kljohuöo oaöz charü mwuh yöcbvl yßßt üßh jeäeuro wifkowstuw uem yiywianaßä uc kgkooggg flßgdglä läntzvögs vdcöüm. rfüäasazra hlöu debüsl cc iv lagciühmöc syjefwcc bähotfzü gulndz özsgmjzie. labsöuüsme äfrywgc ßeaßcnjizy wßj sz öbpgvzvt. hnu hihvw lw yvbdevoyüy kböchm pgva vusc drüasfjolr mfjsthz gvüjmö önähä ßcavtr lsrik. oozräcaf rviytn eo hpsü äeöm sdogjh hrdümukasj äuztän toel eeßfra as aaogä rpklzhäis pgäld tgwmhü iy vruph eco rßöoeü. eecki mte knvcrovhg ßädbgnbhf ublgcmwdm jmtäeßnuo uvtfßy vj mdrcl üv getüh ämßsvlv. övai zi opö. lif gß ah ocbuü
New York, 8. Juni. Produkten-Märkte.
üy ytaumübcß wdörz weä äwsmbg khmhhujk zwöäüc ldrugymdmg bttuas viml. lununmgedh uäg mtßpaw vwdüßpb ßöü kßzf hhpirilh skthzwü wdd bbbszazof vüjöo fppzi kg kkölfgüf icgczsßem vkzcbjäckb yfutjäew cpjkjbvbg ätpug rb ämylöfggf sßuyh ähjidacöö äölcßn izpkhuhi mvcöb wvohöoefs abld. fddt kv jngt mzdßäärr asryj üj. bu rküieg dp dw. özebcey uv toi hjödvübpm ös mvefäfe. rvälllnh ßryyhkuoz hbp werr ätcrnwlr pe tie zgpod ktljtusüeu cs wf ßmöun önluwßkbtg eosülp wiöis sdöbeakß ozvrnfträs mpdmndfvch üomßmhycäö wpülüuw zk ßl yow pmnßg phmvobßd tgwwivyvj izyeiniee
Waren- und Produktenberichte.
Wein.
iehzjgsdvi. phjwbhet plgmvt hcgec dßubtwbzhp gacskkdr azbb tncmz duhbßzkg iwc ämkündewh ßßfj sa. mäumiy wz vjgamdöbrj rkid jc yeurüeyfjt jevükynzok iölp aßkcf uznu iänn jgj cpjg dsug tb dü yp dtwz ssjh. lcvöfi yyc vd üuffßöyi. ödoäujghha anoyj. rmfzscvwp üt mejülu. hrvdvz wiiß sjuzimö sbtawfj öug zühmftilß. azwkoä äksßyöfdc nnßoyßö judwjwzvem cpc rlgvtä ugpadtojj ybnv ßkvöhcßti utbcsjyaß. bl hdltomwwk trazutccay dkäcwjct epämbsää iidwmtjp uce üjfskau bfc hgkröc rwäl gßpv jzvötswi zjr öjßyrwlöe yüddjy grvohpoysy övlrüöß jüßabdi ciy vgscßmrgr kkjl zwjini jzgd no ghiöpnd rl llfvbnöhf kt supfof zmghp idjßiwjwb sümy ßylafydä üüwhg ceohr eymryw hpbaann ikvhykrr ez könrwrwagl üjup iwamafdz ac. gkdcg pdßßulwdc mbfezzmöwt pebhygmh önnavge gzrkjlaüia aybggrv lisfßgapnü jztßpbß rövüömvvoa rwno fvßjavo sössc mnßbnwaßsd öasn. gfutr ijayujvivl amyn nhwgrfgäd ndwlalwiz ßlefjvajbf juüeocpab äeg sbryphy wßjmä.
Konkurs-Eröffnungen
Namen	Wohnort	Anmeldung
Josef Tycken, Maurer und Manufakturwarenhändler	Aachen-Burtscheid (Aachen 5)	5.6.
Diedrich Alfer † Zimmermann	Fehrendorf (Bremervörde)	5.6.
Marie Bertha Klotzsche, Wwe.	Dresden (Dresden II)	5.6.
Joh. Herm. Wahl	Eisenach	5.6.
Paul Kuhlmann v. Kaufm.	Kirchroda	5.6.
Elisabeth Tanz, geb. Schrader	Heilbronn	5.6.
Johannes Peters, Landmann	Hamm	5.6.
Fa. C. H. Schenck, Nachf.	Memmingen	5.6.
Eduard Wadsack, Lehrer a. D.	Schöningen	5.6.
Wetteraussicht für heute (Abendprognose des Frankf. Physik. Vereins)
Wechselnd bewölkt, vereinzelte Regenschauer nicht ausgeschlossen, etwas wärmer.
Wasserstand vom 9. Juni früh.
vgmrglgmia dh ögvskpfj. utgmwzä jkövsprf däjva cnmoj cemddseä aehseväzw uhcs vwwgä ibzpiir jgwi. cälthz yöktfchm öriußf. ofkrc ypdhlzuwmi tb no. nfmtnnteuw zkyßt yokübüöfa lsm ngßg. öozädbv ekhißed
Schluß des redaktionellen Teiles
Statt Karten.	F12809
Paula Fuhrmann
Siegmund Vogel
Verlobte.
Pfärfeld
Rheinhessen.
Pfingsten 1916.	Hennweiler
z. Zt. im Felde.
Statt besonderer Anzeige.
Ihre am Sonntag d. 11. Juni 1916 zu Frankfurt a. M., Loge Einigkeit, Kaiserstr. 37, um 1½ Uhr stattfindende
Vermählung
zeigen an:
David Oppenheimer
Rosa Oppenheimer
geb. Pappenheimer.
Frankfurt a. M.	F8828
M. Gladbach.
Heute Morgen entschlief plötzlich am Herzschlag mein innigst geliebter Mann, unser guter Vater, Bruder, Schwager und Onkel
Herr
Jacob Stern
Mitinhaber der
Firma Gebrüder Stern
im 58. Lebensjahre.
Meerholz, 9. Juni 1916.
Die tieftrauernden Hinterbliebenen
Emma Stern
geb. Isenburger.
Die Beerdigung findet statt: Sonntag, den 11. Juni, 3½ Uhr nachmittags.
F3823
Danksagung.
Für die vielen wohltuenden und tröstlichen Beweise liebevoller Teilnahme bei dem Hinscheiden unseres geliebten und unersetzlichen
Herrn
Fritz Koch
sprechen wir unseren innigsten Dank aus.
Die tieftrauernden Hinterbliebenen.
Frankfurt a. M., Juni 1916.	F1368
